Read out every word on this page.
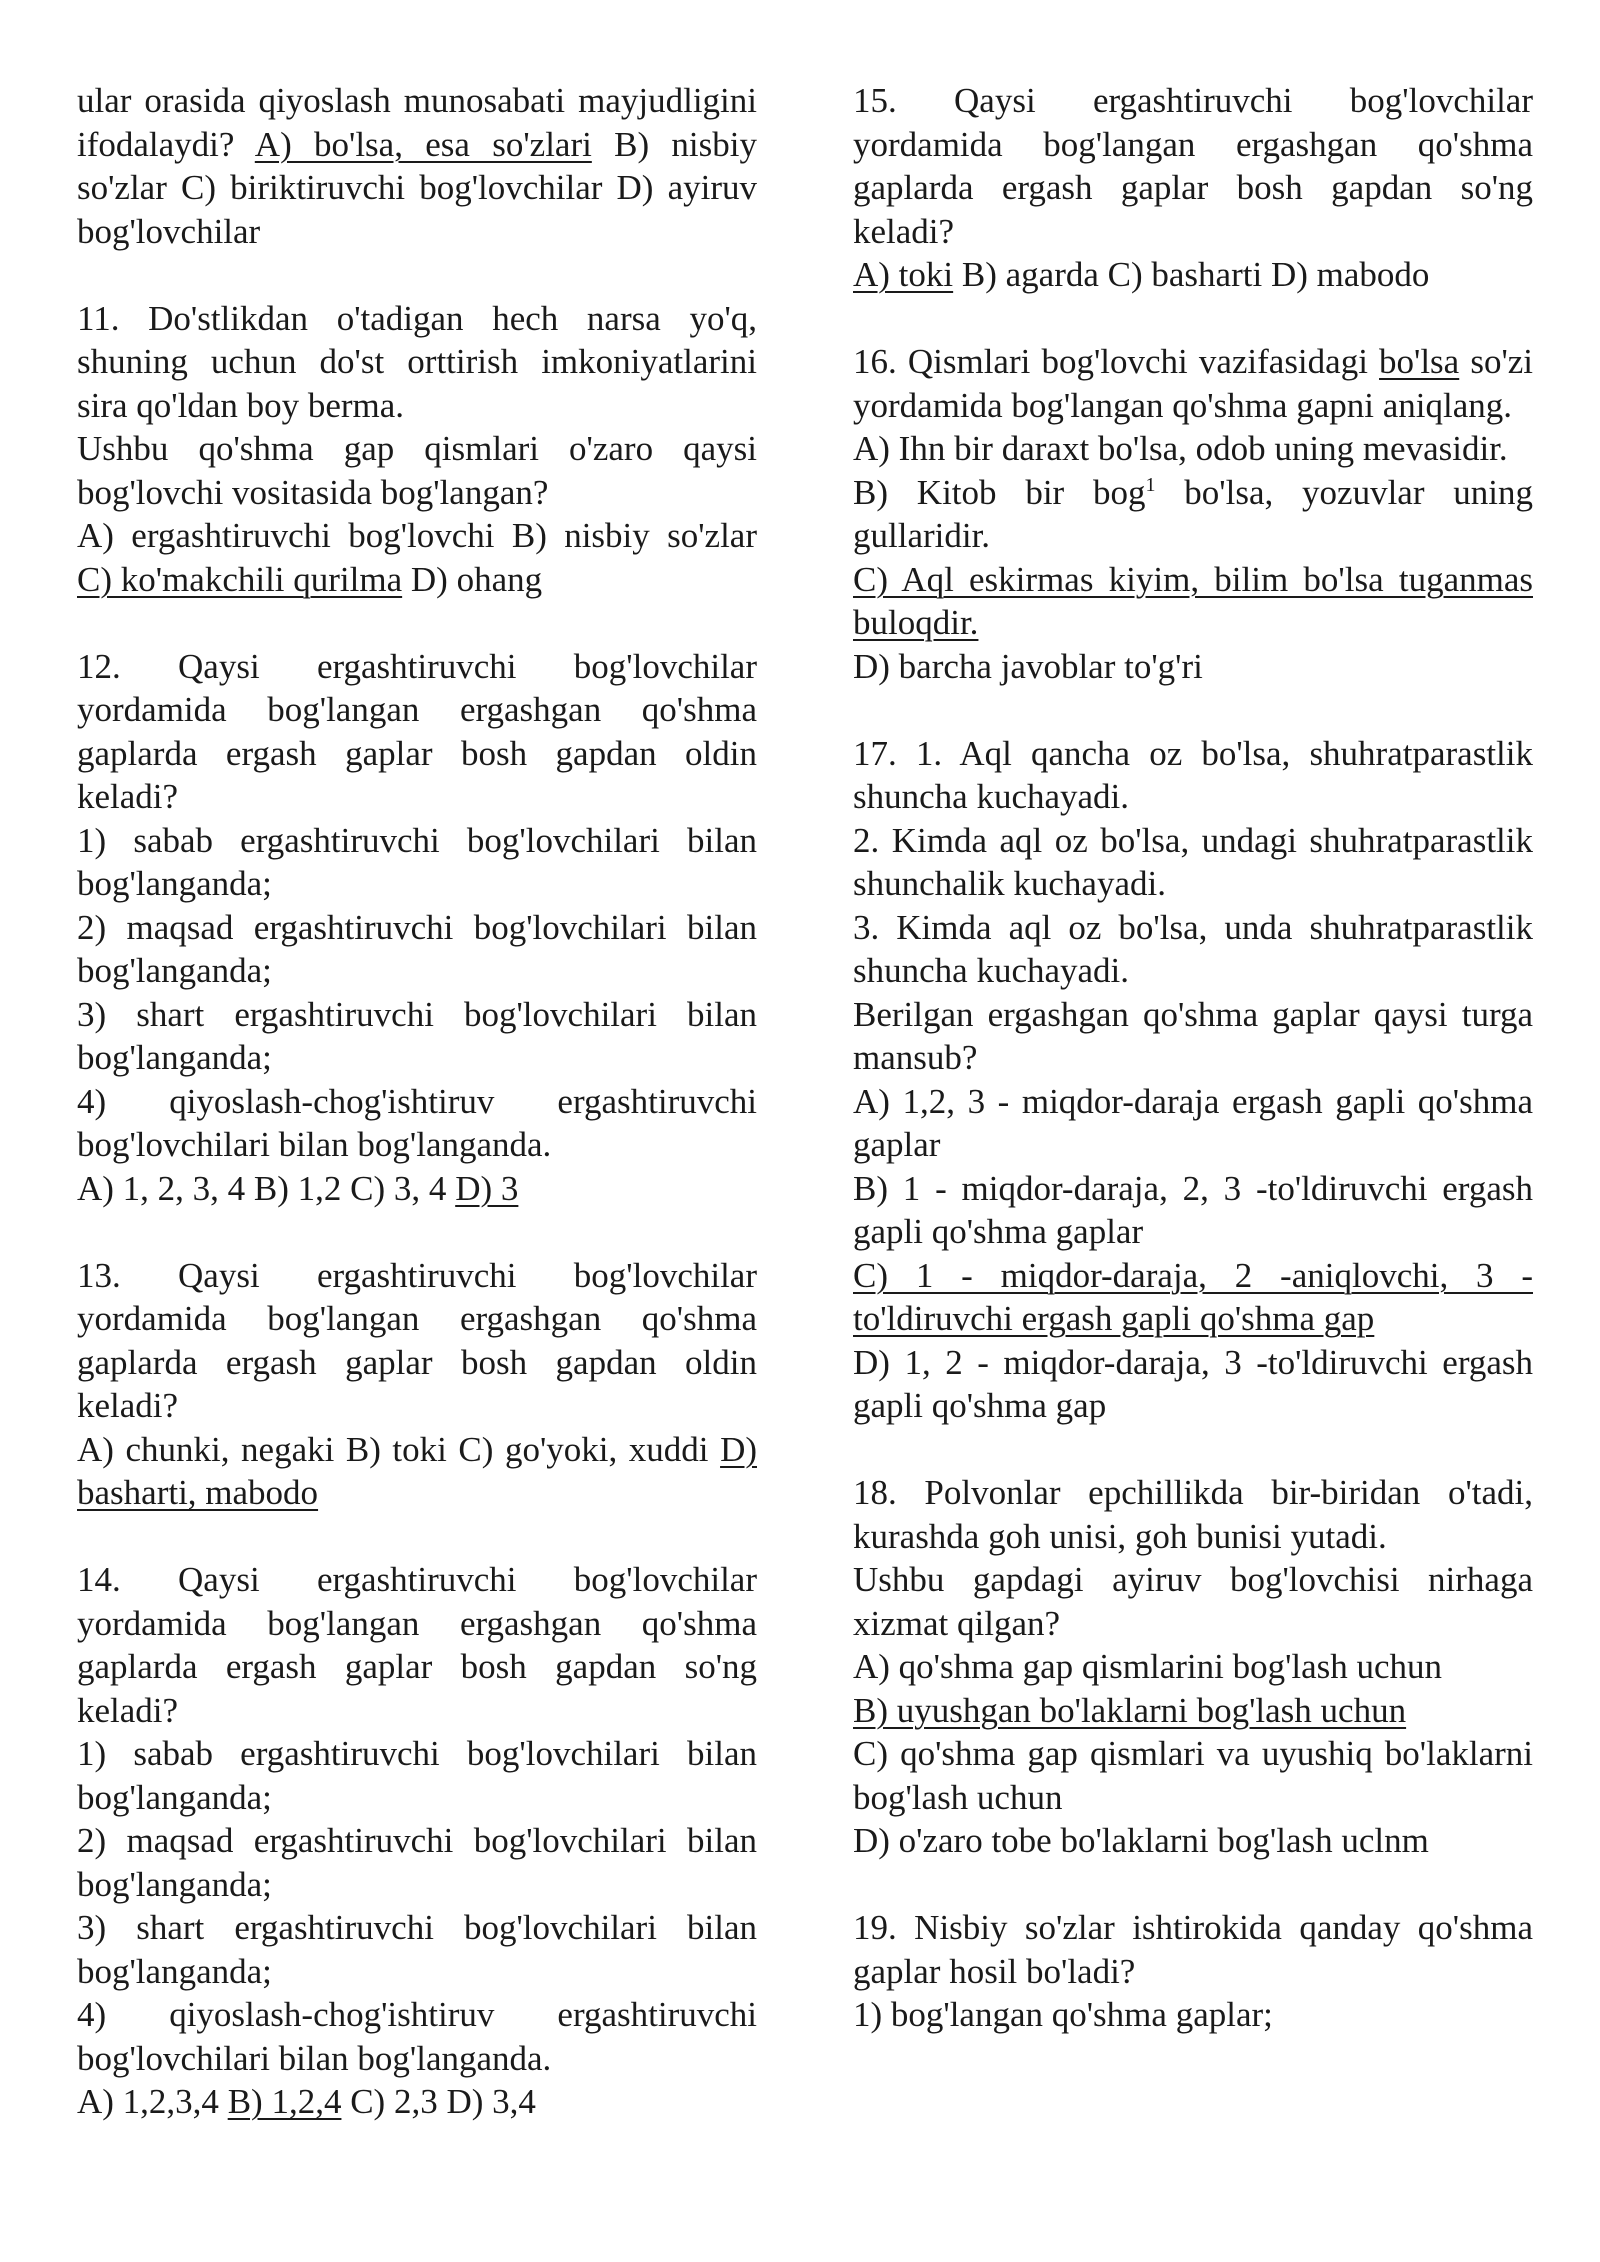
ular orasida qiyoslash munosabati mayjudligini ifodalaydi? A) bo'lsa, esa so'zlari B) nisbiy so'zlar C) biriktiruvchi bog'lovchilar D) ayiruv bog'lovchilar

11. Do'stlikdan o'tadigan hech narsa yo'q, shuning uchun do'st orttirish imkoniyatlarini sira qo'ldan boy berma.

Ushbu qo'shma gap qismlari o'zaro qaysi bog'lovchi vositasida bog'langan?

A) ergashtiruvchi bog'lovchi B) nisbiy so'zlar C) ko'makchili qurilma D) ohang

12. Qaysi ergashtiruvchi bog'lovchilar yordamida bog'langan ergashgan qo'shma gaplarda ergash gaplar bosh gapdan oldin keladi?

1) sabab ergashtiruvchi bog'lovchilari bilan bog'langanda;

2) maqsad ergashtiruvchi bog'lovchilari bilan bog'langanda;

3) shart ergashtiruvchi bog'lovchilari bilan bog'langanda;

4) qiyoslash-chog'ishtiruv ergashtiruvchi bog'lovchilari bilan bog'langanda.

A) 1, 2, 3, 4 B) 1,2 C) 3, 4 D) 3

13. Qaysi ergashtiruvchi bog'lovchilar yordamida bog'langan ergashgan qo'shma gaplarda ergash gaplar bosh gapdan oldin keladi?

A) chunki, negaki B) toki C) go'yoki, xuddi D) basharti, mabodo

14. Qaysi ergashtiruvchi bog'lovchilar yordamida bog'langan ergashgan qo'shma gaplarda ergash gaplar bosh gapdan so'ng keladi?

1) sabab ergashtiruvchi bog'lovchilari bilan bog'langanda;

2) maqsad ergashtiruvchi bog'lovchilari bilan bog'langanda;

3) shart ergashtiruvchi bog'lovchilari bilan bog'langanda;

4) qiyoslash-chog'ishtiruv ergashtiruvchi bog'lovchilari bilan bog'langanda.

A) 1,2,3,4 B) 1,2,4 C) 2,3 D) 3,4

15. Qaysi ergashtiruvchi bog'lovchilar yordamida bog'langan ergashgan qo'shma gaplarda ergash gaplar bosh gapdan so'ng keladi?

A) toki B) agarda C) basharti D) mabodo

16. Qismlari bog'lovchi vazifasidagi bo'lsa so'zi yordamida bog'langan qo'shma gapni aniqlang.

A) Ihn bir daraxt bo'lsa, odob uning mevasidir.

B) Kitob bir bog$^1$ bo'lsa, yozuvlar uning gullaridir.

C) Aql eskirmas kiyim, bilim bo'lsa tuganmas buloqdir.

D) barcha javoblar to'g'ri

17. 1. Aql qancha oz bo'lsa, shuhratparastlik shuncha kuchayadi.

2. Kimda aql oz bo'lsa, undagi shuhratparastlik shunchalik kuchayadi.

3. Kimda aql oz bo'lsa, unda shuhratparastlik shuncha kuchayadi.

Berilgan ergashgan qo'shma gaplar qaysi turga mansub?

A) 1,2, 3 - miqdor-daraja ergash gapli qo'shma gaplar

B) 1 - miqdor-daraja, 2, 3 -to'ldiruvchi ergash gapli qo'shma gaplar

C) 1 - miqdor-daraja, 2 -aniqlovchi, 3 -to'ldiruvchi ergash gapli qo'shma gap

D) 1, 2 - miqdor-daraja, 3 -to'ldiruvchi ergash gapli qo'shma gap

18. Polvonlar epchillikda bir-biridan o'tadi, kurashda goh unisi, goh bunisi yutadi.

Ushbu gapdagi ayiruv bog'lovchisi nirhaga xizmat qilgan?

A) qo'shma gap qismlarini bog'lash uchun

B) uyushgan bo'laklarni bog'lash uchun

C) qo'shma gap qismlari va uyushiq bo'laklarni bog'lash uchun

D) o'zaro tobe bo'laklarni bog'lash uclnm

19. Nisbiy so'zlar ishtirokida qanday qo'shma gaplar hosil bo'ladi?

1) bog'langan qo'shma gaplar;
